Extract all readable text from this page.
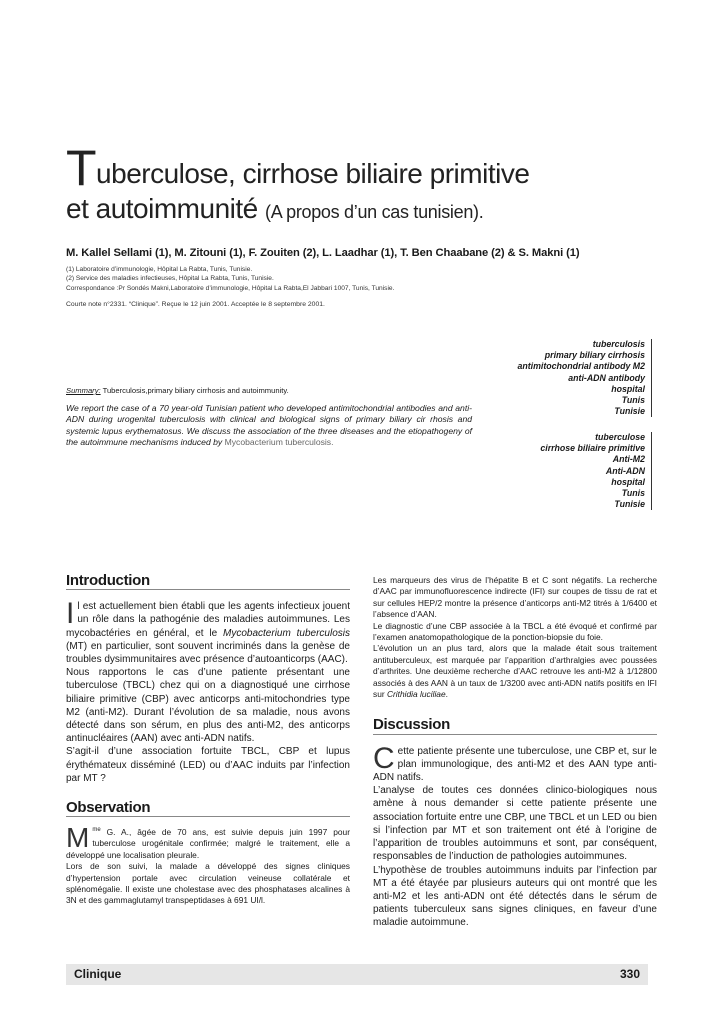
Tuberculose, cirrhose biliaire primitive
et autoimmunité (A propos d’un cas tunisien).
M. Kallel Sellami (1), M. Zitouni (1), F. Zouiten (2), L. Laadhar (1), T. Ben Chaabane (2) & S. Makni (1)
(1) Laboratoire d’immunologie, Hôpital La Rabta, Tunis, Tunisie.
(2) Service des maladies infectieuses, Hôpital La Rabta, Tunis, Tunisie.
Correspondance :Pr Sondés Makni,Laboratoire d’immunologie, Hôpital La Rabta,El Jabbari 1007, Tunis, Tunisie.
Courte note n°2331. “Clinique”. Reçue le 12 juin 2001. Acceptée le 8 septembre 2001.
tuberculosis
primary biliary cirrhosis
antimitochondrial antibody M2
anti-ADN antibody
hospital
Tunis
Tunisie
tuberculose
cirrhose biliaire primitive
Anti-M2
Anti-ADN
hospital
Tunis
Tunisie
Summary: Tuberculosis,primary biliary cirrhosis and autoimmunity.
We report the case of a 70 year-old Tunisian patient who developed antimitochondrial antibodies and anti-ADN during urogenital tuberculosis with clinical and biological signs of primary biliary cir rhosis and systemic lupus erythematosus. We discuss the association of the three diseases and the etiopathogeny of the autoimmune mechanisms induced by Mycobacterium tuberculosis.
Introduction

Il est actuellement bien établi que les agents infectieux jouent un rôle dans la pathogénie des maladies autoimmunes. Les mycobactéries en général, et le Mycobacterium tuberculosis (MT) en particulier, sont souvent incriminés dans la genèse de troubles dysimmunitaires avec présence d’autoanticorps (AAC).

Nous rapportons le cas d’une patiente présentant une tuberculose (TBCL) chez qui on a diagnostiqué une cirrhose biliaire primitive (CBP) avec anticorps anti-mitochondries type M2 (anti-M2). Durant l’évolution de sa maladie, nous avons détecté dans son sérum, en plus des anti-M2, des anticorps antinucléaires (AAN) avec anti-ADN natifs.

S’agit-il d’une association fortuite TBCL, CBP et lupus érythémateux disséminé (LED) ou d’AAC induits par l’infection par MT ?

Observation

M $^{me}$ G. A., âgée de 70 ans, est suivie depuis juin 1997 pour tuberculose urogénitale confirmée; malgré le traitement, elle a développé une localisation pleurale.

Lors de son suivi, la malade a développé des signes cliniques d’hypertension portale avec circulation veineuse collatérale et splénomégalie. Il existe une cholestase avec des phosphatases alcalines à 3N et des gammaglutamyl transpeptidases à 691 UI/l.

Les marqueurs des virus de l’hépatite B et C sont négatifs. La recherche d’AAC par immunofluorescence indirecte (IFI) sur coupes de tissu de rat et sur cellules HEP/2 montre la présence d’anticorps anti-M2 titrés à 1/6400 et l’absence d’AAN.

Le diagnostic d’une CBP associée à la TBCL a été évoqué et confirmé par l’examen anatomopathologique de la ponction-biopsie du foie.

L’évolution un an plus tard, alors que la malade était sous traitement antituberculeux, est marquée par l’apparition d’arthralgies avec poussées d’arthrites. Une deuxième recherche d’AAC retrouve les anti-M2 à 1/12800 associés à des AAN à un taux de 1/3200 avec anti-ADN natifs positifs en IFI sur Crithidia luciliae.

Discussion

Cette patiente présente une tuberculose, une CBP et, sur le plan immunologique, des anti-M2 et des AAN type anti-ADN natifs.

L’analyse de toutes ces données clinico-biologiques nous amène à nous demander si cette patiente présente une association fortuite entre une CBP, une TBCL et un LED ou bien si l’infection par MT et son traitement ont été à l’origine de l’apparition de troubles autoimmuns et sont, par conséquent, responsables de l’induction de pathologies autoimmunes.

L’hypothèse de troubles autoimmuns induits par l’infection par MT a été étayée par plusieurs auteurs qui ont montré que les anti-M2 et les anti-ADN ont été détectés dans le sérum de patients tuberculeux sans signes cliniques, en faveur d’une maladie autoimmune.

Clinique	330
